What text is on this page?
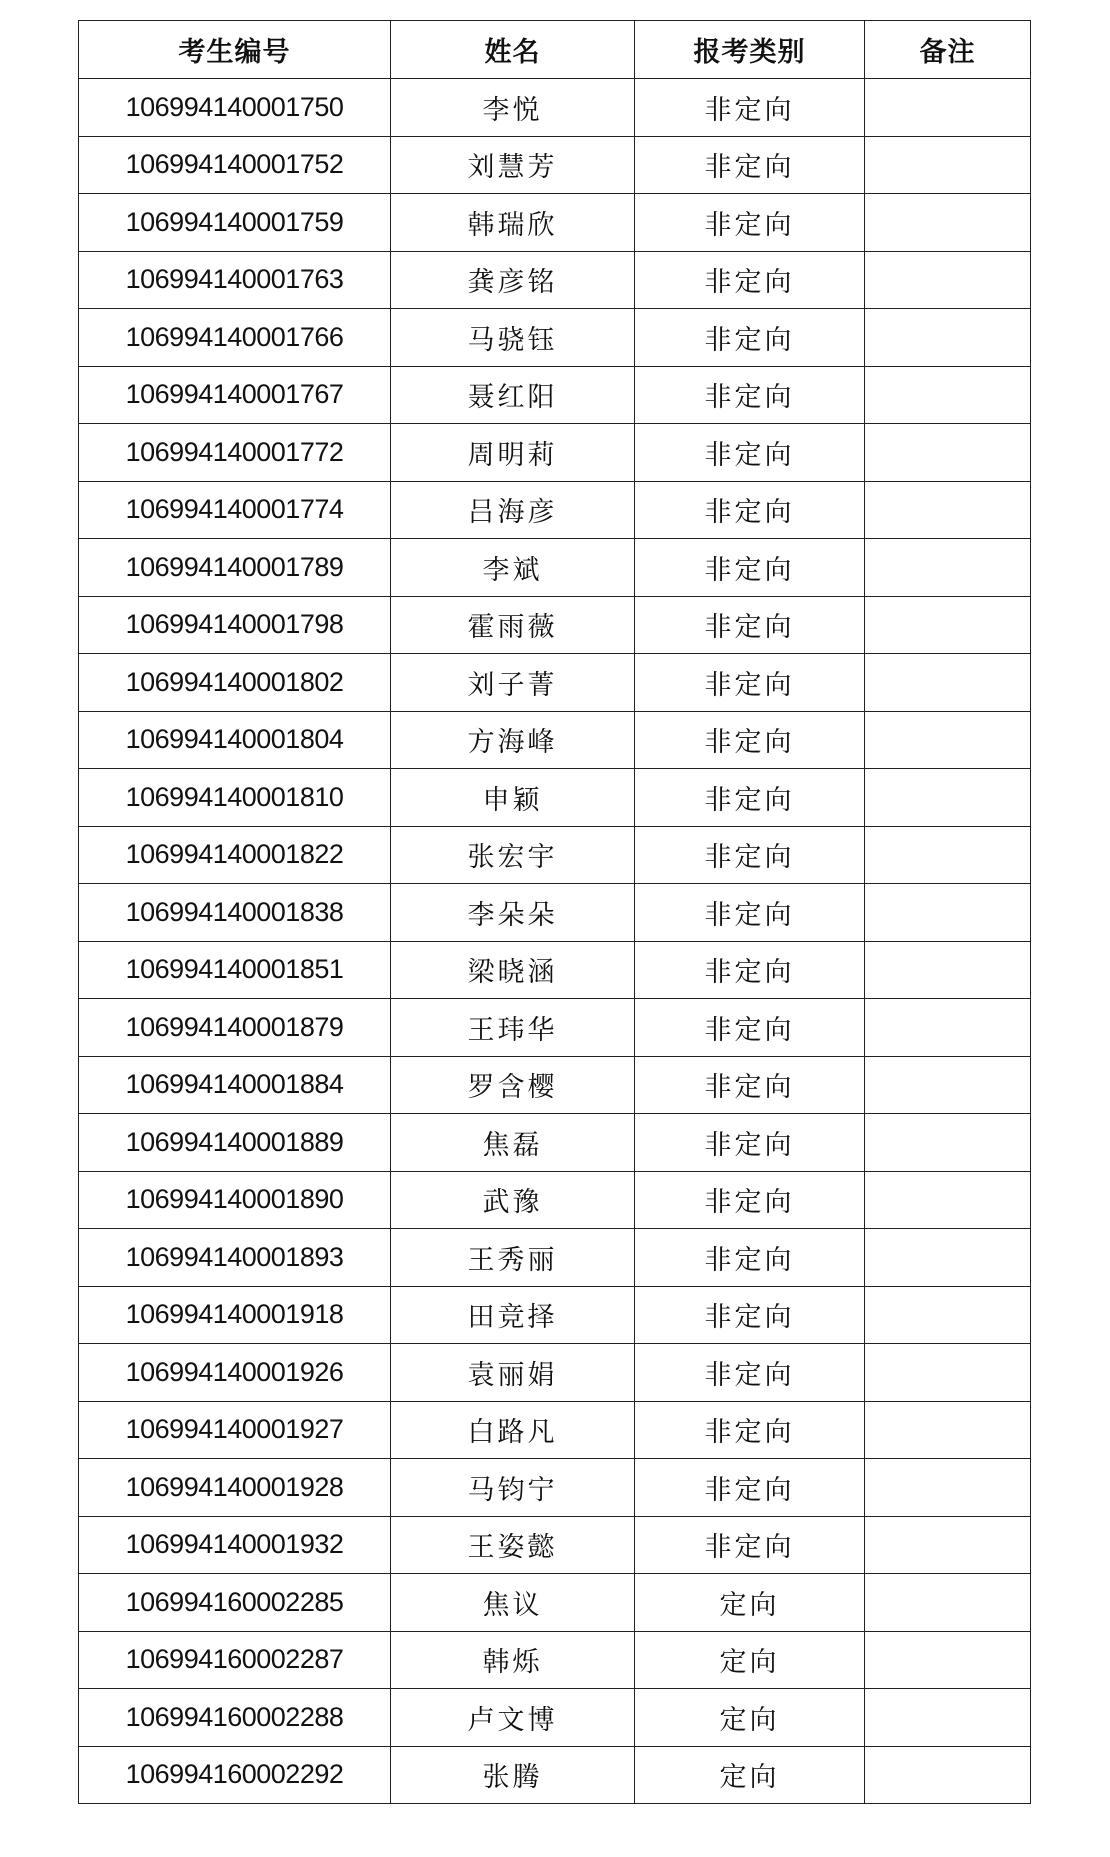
考生编号	姓名	报考类别	备注
106994140001750	李悦	非定向	
106994140001752	刘慧芳	非定向	
106994140001759	韩瑞欣	非定向	
106994140001763	龚彦铭	非定向	
106994140001766	马骁钰	非定向	
106994140001767	聂红阳	非定向	
106994140001772	周明莉	非定向	
106994140001774	吕海彦	非定向	
106994140001789	李斌	非定向	
106994140001798	霍雨薇	非定向	
106994140001802	刘子菁	非定向	
106994140001804	方海峰	非定向	
106994140001810	申颖	非定向	
106994140001822	张宏宇	非定向	
106994140001838	李朵朵	非定向	
106994140001851	梁晓涵	非定向	
106994140001879	王玮华	非定向	
106994140001884	罗含樱	非定向	
106994140001889	焦磊	非定向	
106994140001890	武豫	非定向	
106994140001893	王秀丽	非定向	
106994140001918	田竞择	非定向	
106994140001926	袁丽娟	非定向	
106994140001927	白路凡	非定向	
106994140001928	马钧宁	非定向	
106994140001932	王姿懿	非定向	
106994160002285	焦议	定向	
106994160002287	韩烁	定向	
106994160002288	卢文博	定向	
106994160002292	张腾	定向	
